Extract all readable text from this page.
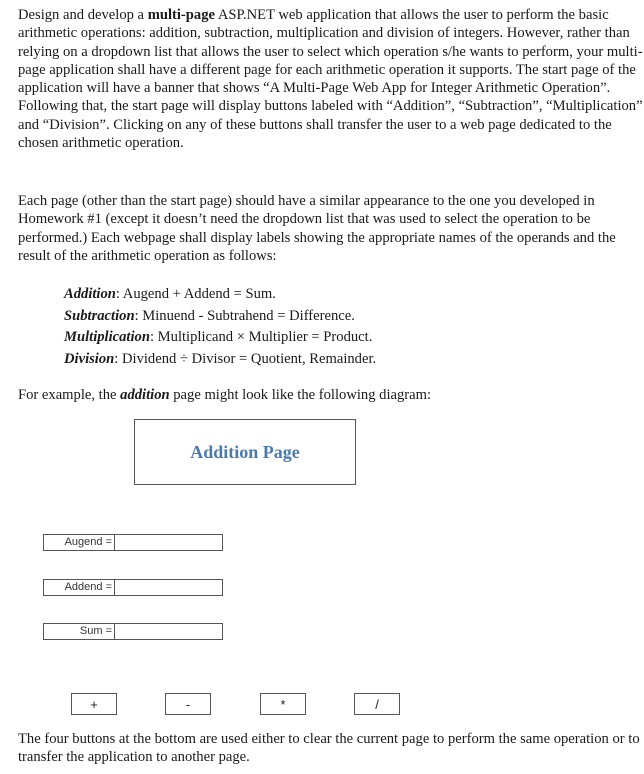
Design and develop a multi-page ASP.NET web application that allows the user to perform the basic arithmetic operations: addition, subtraction, multiplication and division of integers. However, rather than relying on a dropdown list that allows the user to select which operation s/he wants to perform, your multi-page application shall have a different page for each arithmetic operation it supports. The start page of the application will have a banner that shows “A Multi-Page Web App for Integer Arithmetic Operation”. Following that, the start page will display buttons labeled with “Addition”, “Subtraction”, “Multiplication” and “Division”. Clicking on any of these buttons shall transfer the user to a web page dedicated to the chosen arithmetic operation.

Each page (other than the start page) should have a similar appearance to the one you developed in Homework #1 (except it doesn’t need the dropdown list that was used to select the operation to be performed.) Each webpage shall display labels showing the appropriate names of the operands and the result of the arithmetic operation as follows:

Addition: Augend + Addend = Sum.
Subtraction: Minuend - Subtrahend = Difference.
Multiplication: Multiplicand × Multiplier = Product.
Division: Dividend ÷ Divisor = Quotient, Remainder.

For example, the addition page might look like the following diagram:

Addition Page
Augend =
Addend =
Sum =
+	-	*	/

The four buttons at the bottom are used either to clear the current page to perform the same operation or to transfer the application to another page.
